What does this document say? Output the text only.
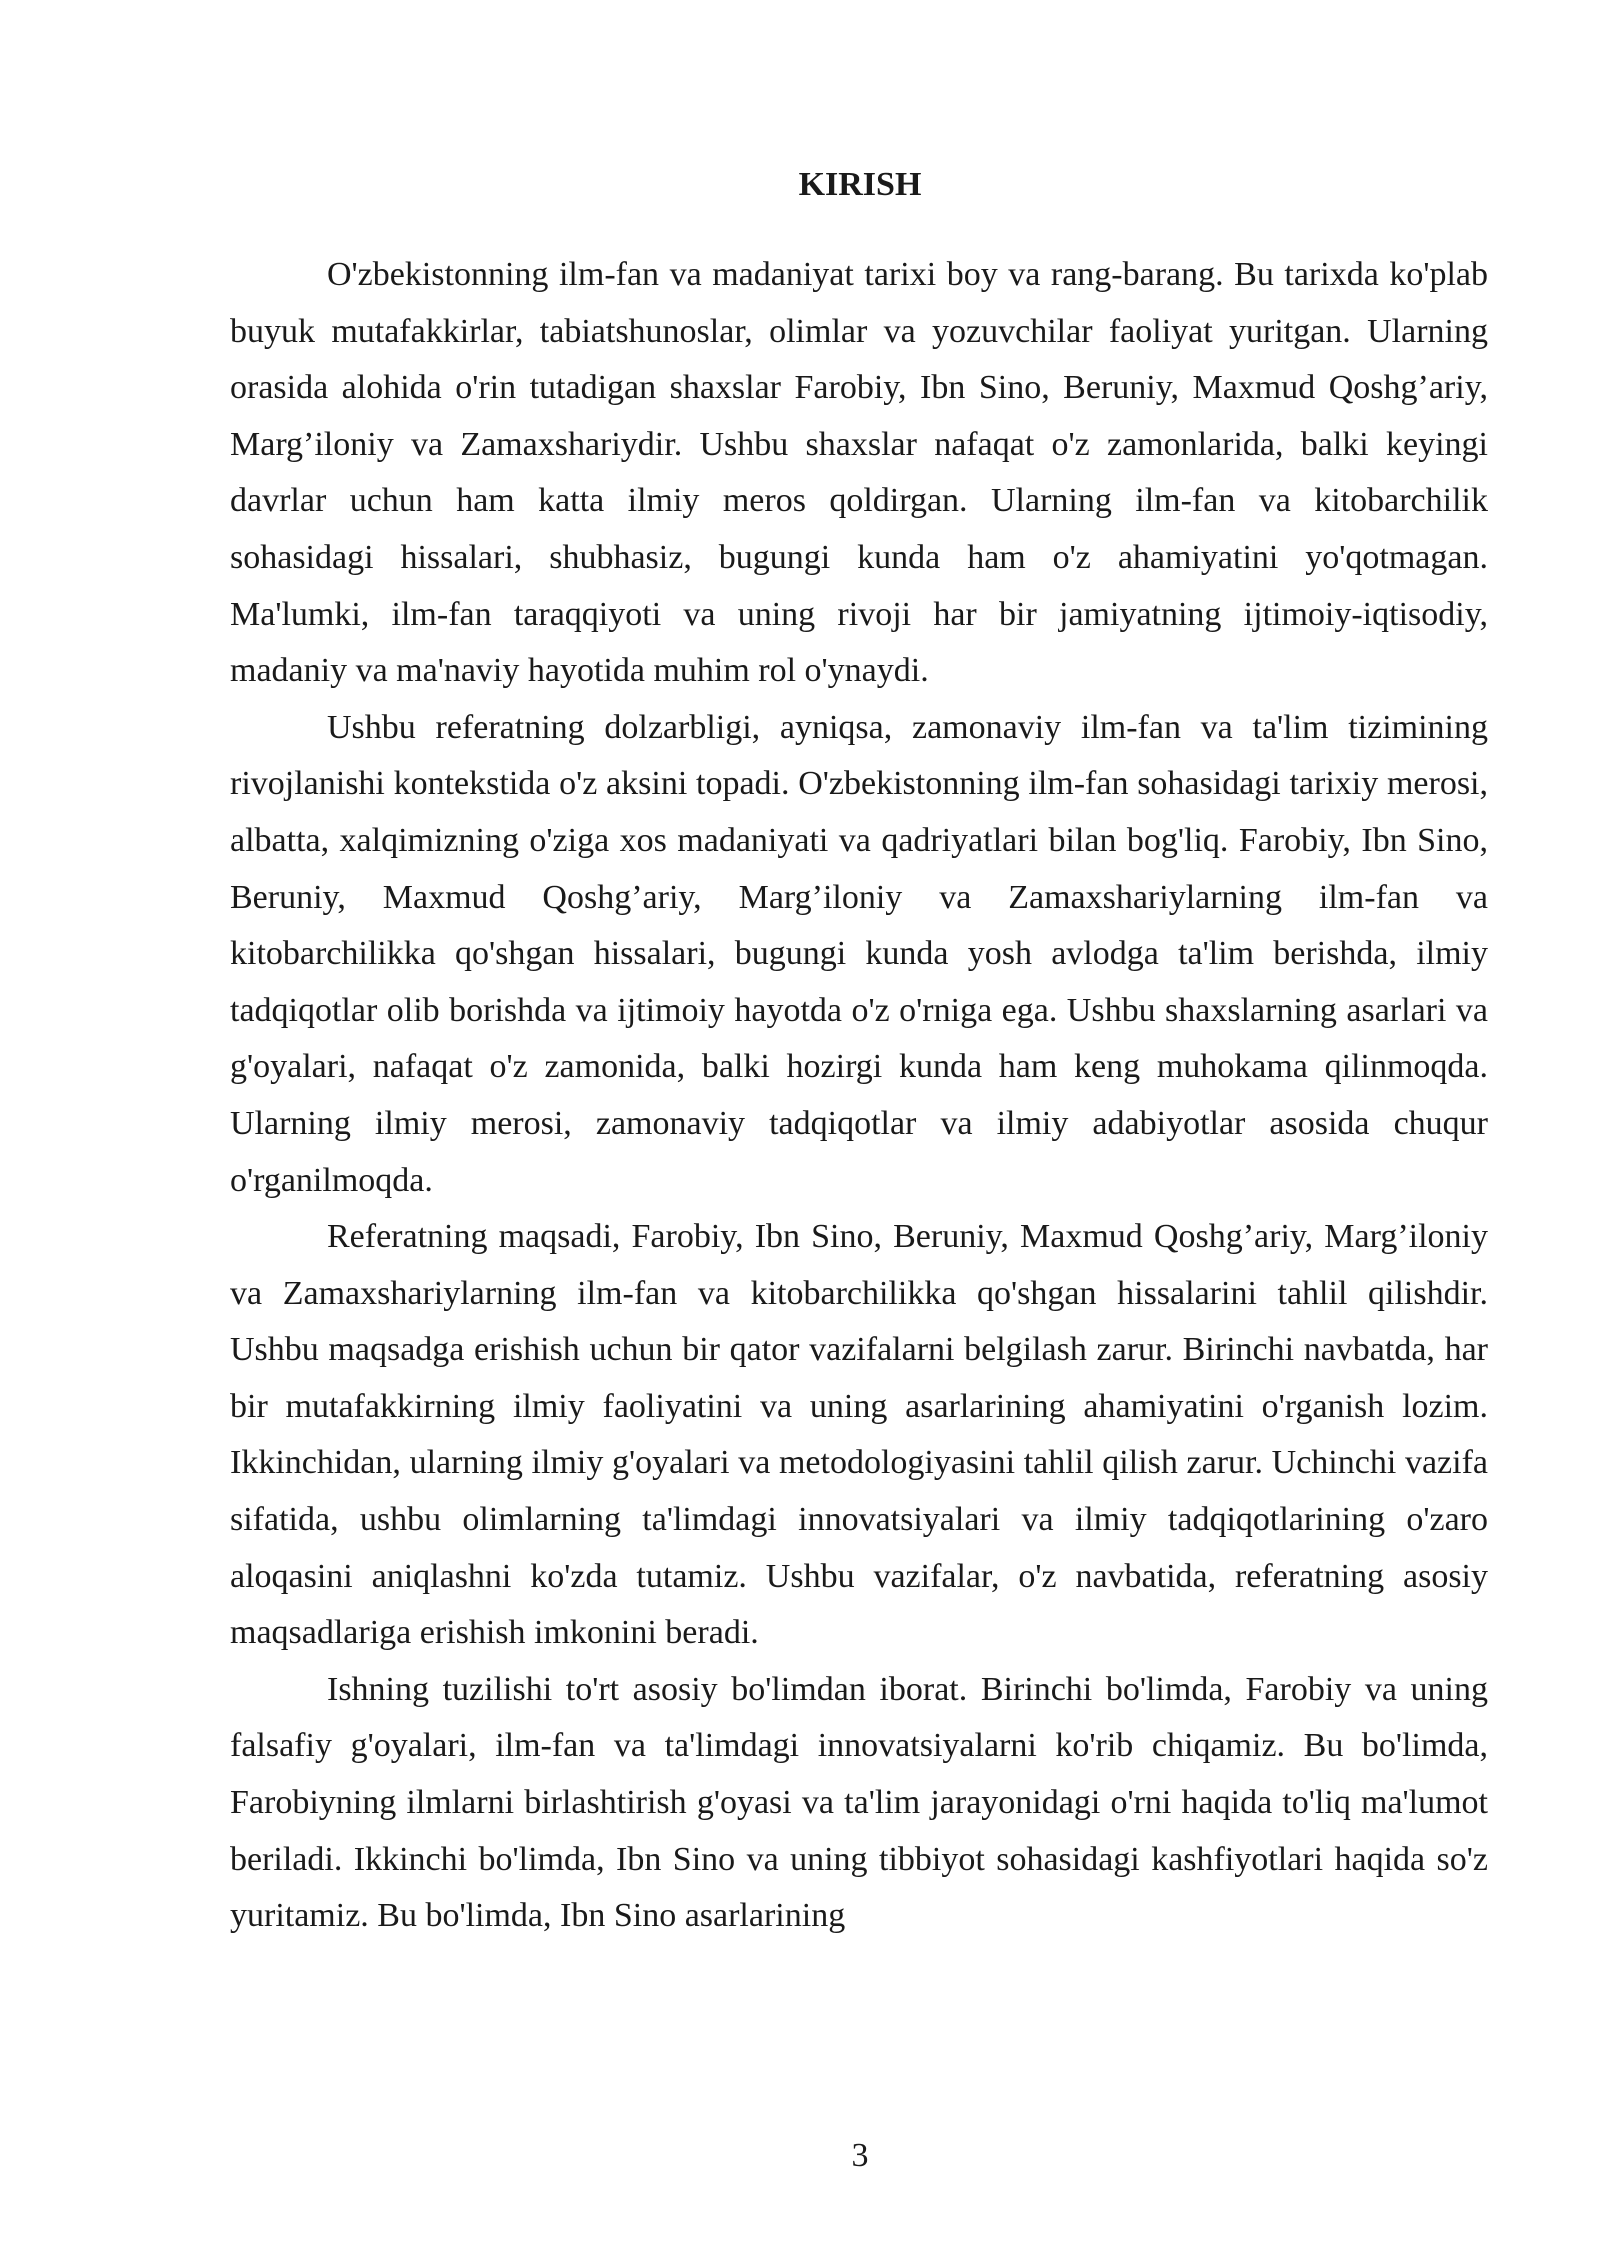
KIRISH

O'zbekistonning ilm-fan va madaniyat tarixi boy va rang-barang. Bu tarixda ko'plab buyuk mutafakkirlar, tabiatshunoslar, olimlar va yozuvchilar faoliyat yuritgan. Ularning orasida alohida o'rin tutadigan shaxslar Farobiy, Ibn Sino, Beruniy, Maxmud Qoshg’ariy, Marg’iloniy va Zamaxshariydir. Ushbu shaxslar nafaqat o'z zamonlarida, balki keyingi davrlar uchun ham katta ilmiy meros qoldirgan. Ularning ilm-fan va kitobarchilik sohasidagi hissalari, shubhasiz, bugungi kunda ham o'z ahamiyatini yo'qotmagan. Ma'lumki, ilm-fan taraqqiyoti va uning rivoji har bir jamiyatning ijtimoiy-iqtisodiy, madaniy va ma'naviy hayotida muhim rol o'ynaydi.

Ushbu referatning dolzarbligi, ayniqsa, zamonaviy ilm-fan va ta'lim tizimining rivojlanishi kontekstida o'z aksini topadi. O'zbekistonning ilm-fan sohasidagi tarixiy merosi, albatta, xalqimizning o'ziga xos madaniyati va qadriyatlari bilan bog'liq. Farobiy, Ibn Sino, Beruniy, Maxmud Qoshg’ariy, Marg’iloniy va Zamaxshariylarning ilm-fan va kitobarchilikka qo'shgan hissalari, bugungi kunda yosh avlodga ta'lim berishda, ilmiy tadqiqotlar olib borishda va ijtimoiy hayotda o'z o'rniga ega. Ushbu shaxslarning asarlari va g'oyalari, nafaqat o'z zamonida, balki hozirgi kunda ham keng muhokama qilinmoqda. Ularning ilmiy merosi, zamonaviy tadqiqotlar va ilmiy adabiyotlar asosida chuqur o'rganilmoqda.

Referatning maqsadi, Farobiy, Ibn Sino, Beruniy, Maxmud Qoshg’ariy, Marg’iloniy va Zamaxshariylarning ilm-fan va kitobarchilikka qo'shgan hissalarini tahlil qilishdir. Ushbu maqsadga erishish uchun bir qator vazifalarni belgilash zarur. Birinchi navbatda, har bir mutafakkirning ilmiy faoliyatini va uning asarlarining ahamiyatini o'rganish lozim. Ikkinchidan, ularning ilmiy g'oyalari va metodologiyasini tahlil qilish zarur. Uchinchi vazifa sifatida, ushbu olimlarning ta'limdagi innovatsiyalari va ilmiy tadqiqotlarining o'zaro aloqasini aniqlashni ko'zda tutamiz. Ushbu vazifalar, o'z navbatida, referatning asosiy maqsadlariga erishish imkonini beradi.

Ishning tuzilishi to'rt asosiy bo'limdan iborat. Birinchi bo'limda, Farobiy va uning falsafiy g'oyalari, ilm-fan va ta'limdagi innovatsiyalarni ko'rib chiqamiz. Bu bo'limda, Farobiyning ilmlarni birlashtirish g'oyasi va ta'lim jarayonidagi o'rni haqida to'liq ma'lumot beriladi. Ikkinchi bo'limda, Ibn Sino va uning tibbiyot sohasidagi kashfiyotlari haqida so'z yuritamiz. Bu bo'limda, Ibn Sino asarlarining

3
